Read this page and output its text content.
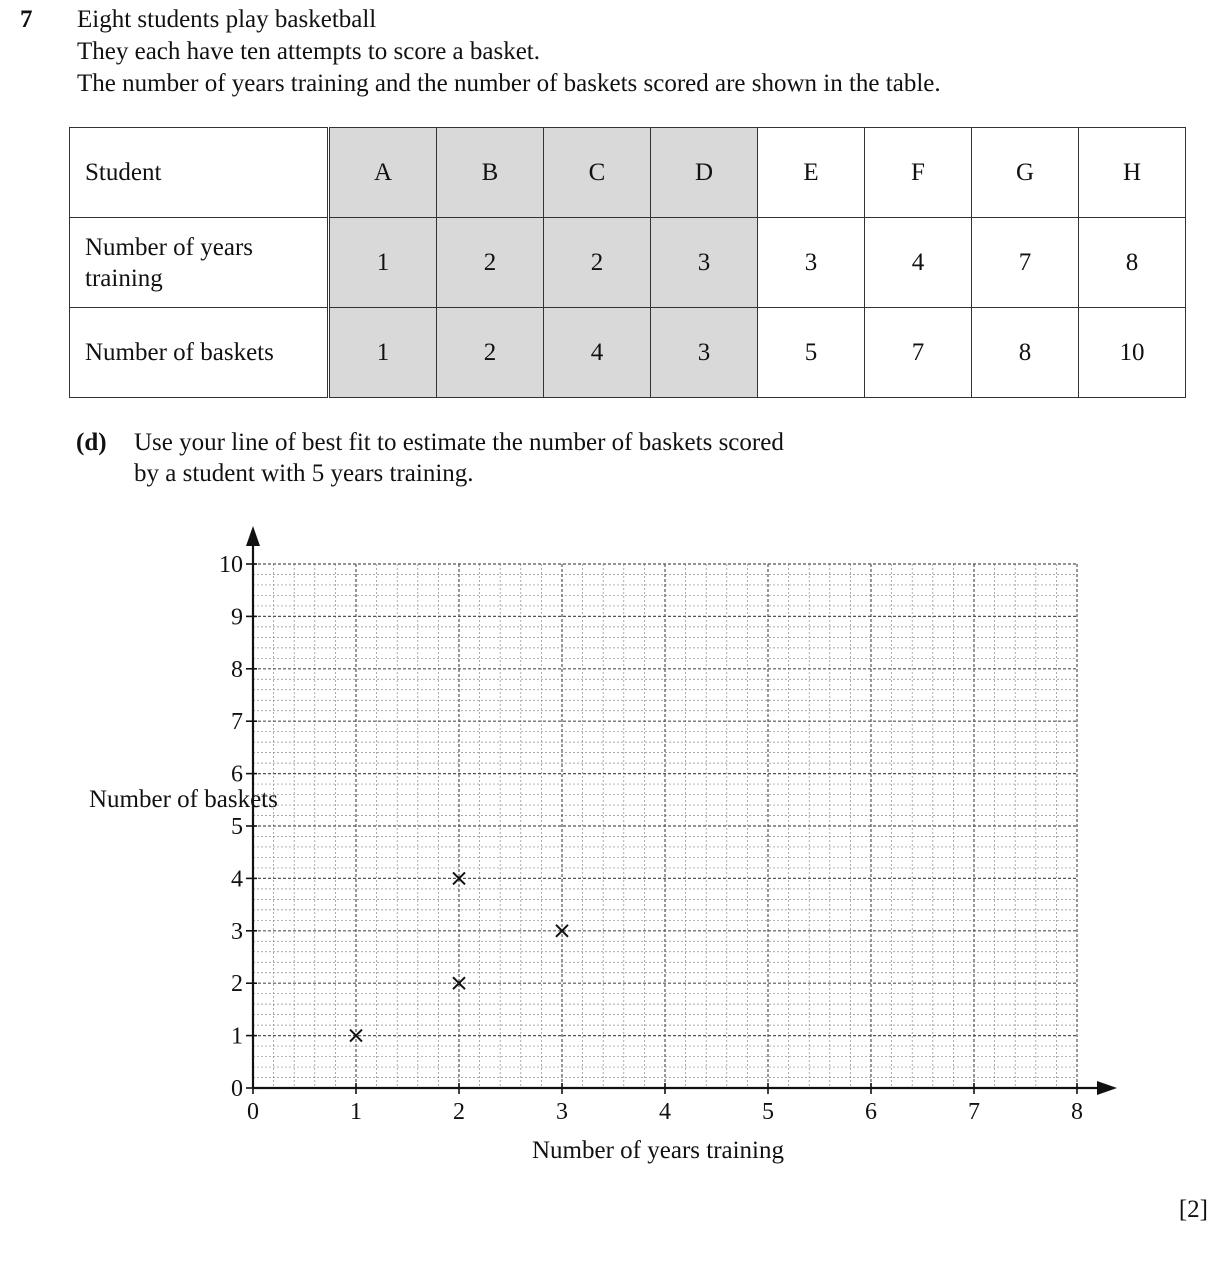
7 Eight students play basketball
They each have ten attempts to score a basket.
The number of years training and the number of baskets scored are shown in the table.
Student	A	B	C	D	E	F	G	H
Number of years training	1	2	2	3	3	4	7	8
Number of baskets	1	2	4	3	5	7	8	10
(d) Use your line of best fit to estimate the number of baskets scored
by a student with 5 years training.
0	1	2	3	4	5	6	7	8
0
1
2
3
4
5
6
7
8
9
10
Number of baskets
Number of years training
[2]
